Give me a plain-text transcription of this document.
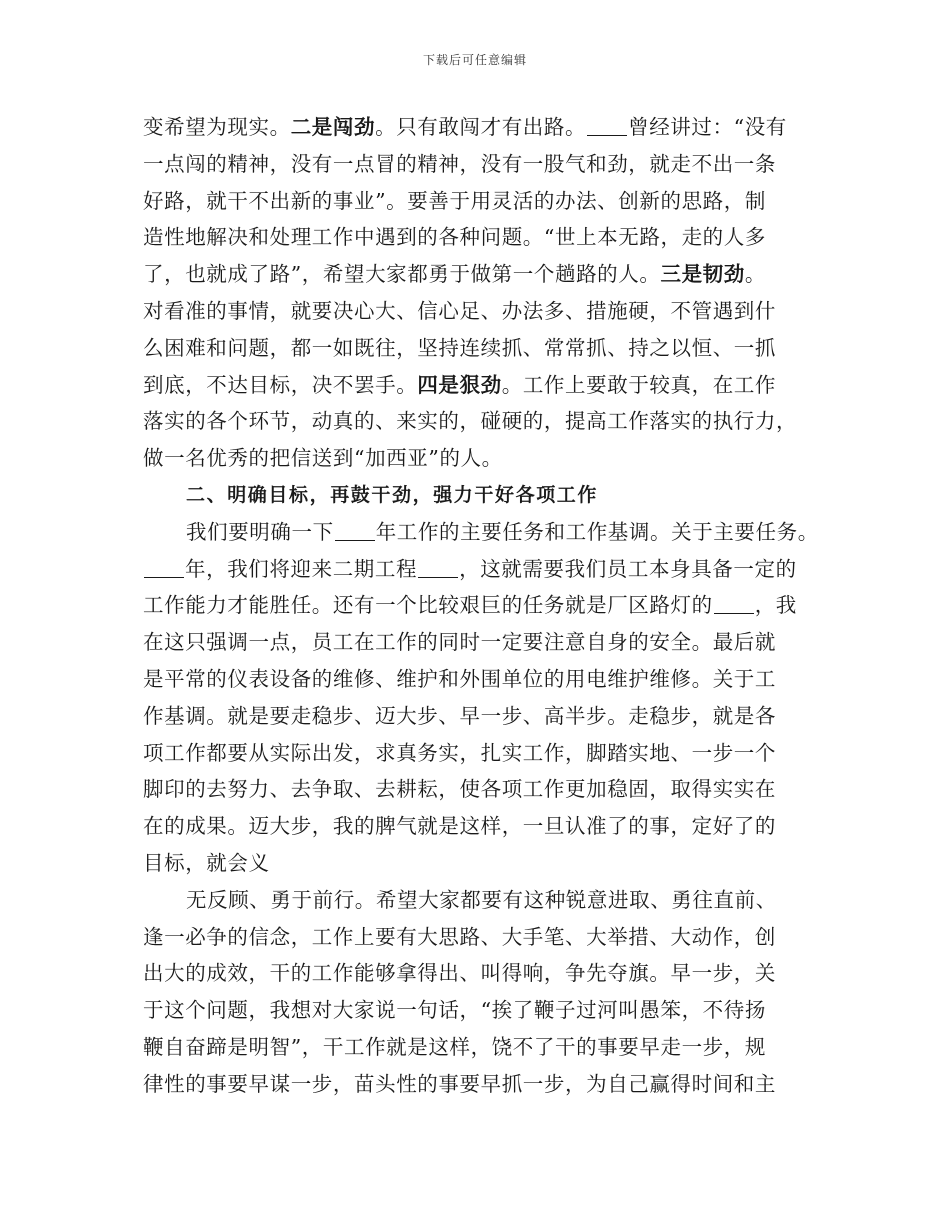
下载后可任意编辑
变希望为现实。二是闯劲。只有敢闯才有出路。 曾经讲过：“没有
一点闯的精神，没有一点冒的精神，没有一股气和劲，就走不出一条
好路，就干不出新的事业”。要善于用灵活的办法、创新的思路，制
造性地解决和处理工作中遇到的各种问题。“世上本无路，走的人多
了，也就成了路”，希望大家都勇于做第一个趟路的人。三是韧劲。
对看准的事情，就要决心大、信心足、办法多、措施硬，不管遇到什
么困难和问题，都一如既往，坚持连续抓、常常抓、持之以恒、一抓
到底，不达目标，决不罢手。四是狠劲。工作上要敢于较真，在工作
落实的各个环节，动真的、来实的，碰硬的，提高工作落实的执行力，
做一名优秀的把信送到“加西亚”的人。
二、明确目标，再鼓干劲，强力干好各项工作
我们要明确一下 年工作的主要任务和工作基调。关于主要任务。
年，我们将迎来二期工程 ，这就需要我们员工本身具备一定的
工作能力才能胜任。还有一个比较艰巨的任务就是厂区路灯的 ，我
在这只强调一点，员工在工作的同时一定要注意自身的安全。最后就
是平常的仪表设备的维修、维护和外围单位的用电维护维修。关于工
作基调。就是要走稳步、迈大步、早一步、高半步。走稳步，就是各
项工作都要从实际出发，求真务实，扎实工作，脚踏实地、一步一个
脚印的去努力、去争取、去耕耘，使各项工作更加稳固，取得实实在
在的成果。迈大步，我的脾气就是这样，一旦认准了的事，定好了的
目标，就会义
无反顾、勇于前行。希望大家都要有这种锐意进取、勇往直前、
逢一必争的信念，工作上要有大思路、大手笔、大举措、大动作，创
出大的成效，干的工作能够拿得出、叫得响，争先夺旗。早一步，关
于这个问题，我想对大家说一句话，“挨了鞭子过河叫愚笨，不待扬
鞭自奋蹄是明智”，干工作就是这样，饶不了干的事要早走一步，规
律性的事要早谋一步，苗头性的事要早抓一步，为自己赢得时间和主
